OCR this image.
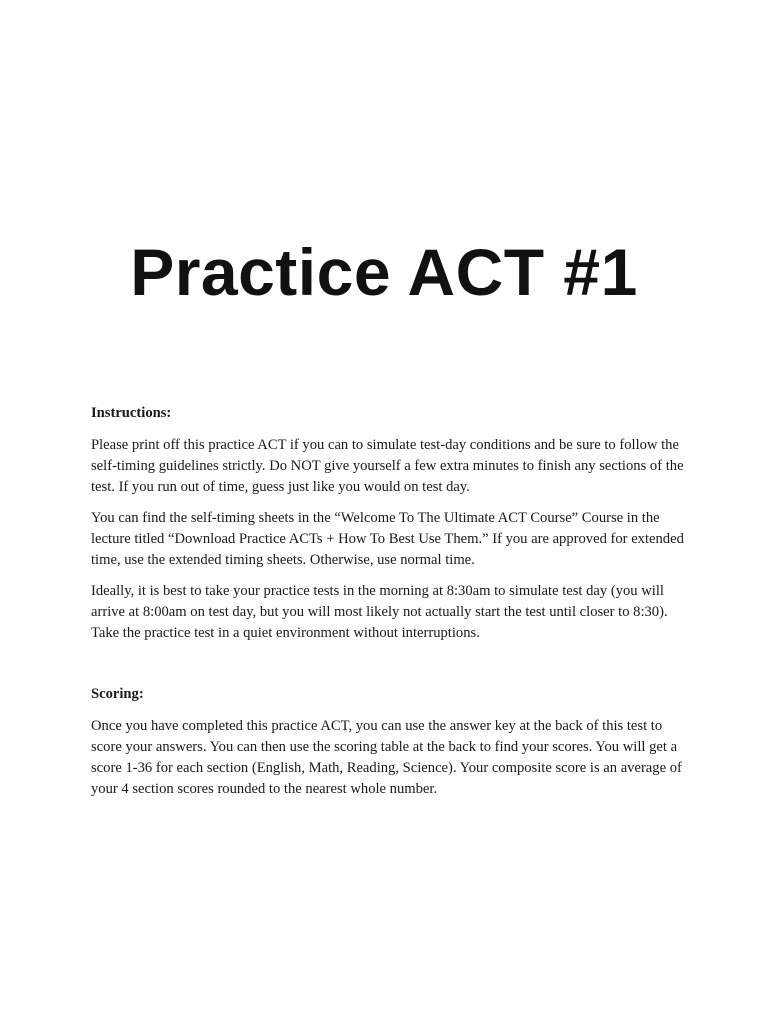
Practice ACT #1

Instructions:

Please print off this practice ACT if you can to simulate test-day conditions and be sure to follow the self-timing guidelines strictly. Do NOT give yourself a few extra minutes to finish any sections of the test. If you run out of time, guess just like you would on test day.

You can find the self-timing sheets in the “Welcome To The Ultimate ACT Course” Course in the lecture titled “Download Practice ACTs + How To Best Use Them.” If you are approved for extended time, use the extended timing sheets. Otherwise, use normal time.

Ideally, it is best to take your practice tests in the morning at 8:30am to simulate test day (you will arrive at 8:00am on test day, but you will most likely not actually start the test until closer to 8:30). Take the practice test in a quiet environment without interruptions.

Scoring:

Once you have completed this practice ACT, you can use the answer key at the back of this test to score your answers. You can then use the scoring table at the back to find your scores. You will get a score 1-36 for each section (English, Math, Reading, Science). Your composite score is an average of your 4 section scores rounded to the nearest whole number.
